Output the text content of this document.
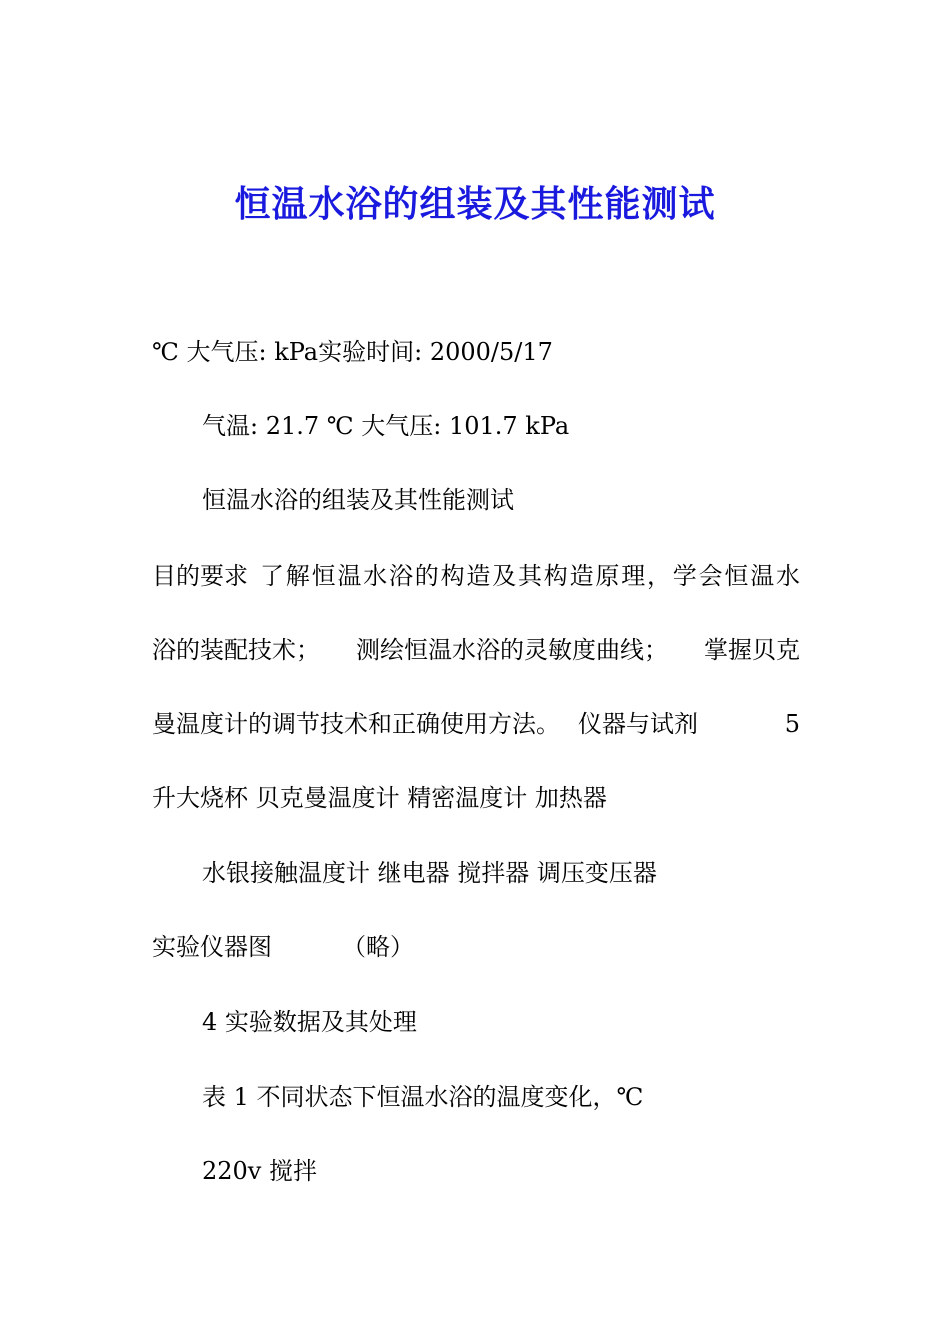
恒温水浴的组装及其性能测试
℃ 大气压: kPa实验时间: 2000/5/17
气温: 21.7 ℃ 大气压: 101.7 kPa
恒温水浴的组装及其性能测试
目的要求 了解恒温水浴的构造及其构造原理，学会恒温水
浴的装配技术； 测绘恒温水浴的灵敏度曲线； 掌握贝克
曼温度计的调节技术和正确使用方法。 仪器与试剂	5
升大烧杯 贝克曼温度计 精密温度计 加热器
水银接触温度计 继电器 搅拌器 调压变压器
实验仪器图	（略）
4 实验数据及其处理
表 1 不同状态下恒温水浴的温度变化，℃
220v 搅拌
